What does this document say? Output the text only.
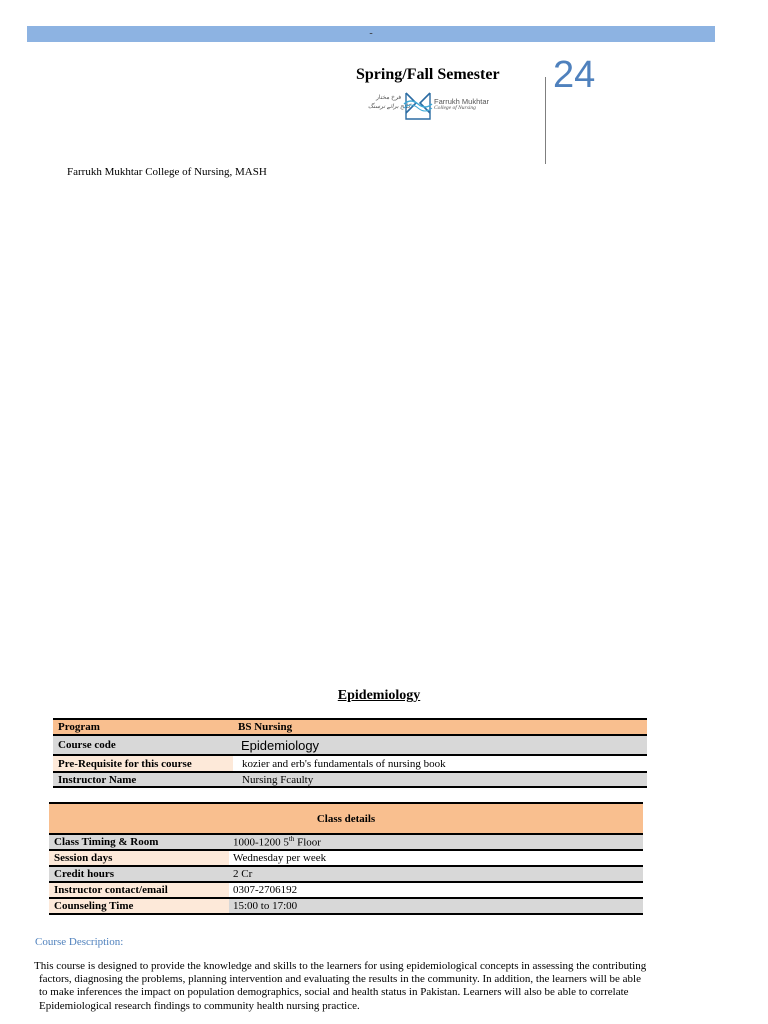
-
Spring/Fall Semester 24
فرخ مختار
کالج برائے نرسنگ
Farrukh Mukhtar
College of Nursing
Farrukh Mukhtar College of Nursing, MASH
Epidemiology
Program	BS Nursing
Course code	Epidemiology
Pre-Requisite for this course	kozier and erb's fundamentals of nursing book
Instructor Name	Nursing Fcaulty
Class details	
Class Timing & Room	1000-1200 5th Floor
Session days	Wednesday per week
Credit hours	2 Cr
Instructor contact/email	0307-2706192
Counseling Time	15:00 to 17:00
Course Description:
This course is designed to provide the knowledge and skills to the learners for using epidemiological concepts in assessing the contributing
factors, diagnosing the problems, planning intervention and evaluating the results in the community. In addition, the learners will be able
to make inferences the impact on population demographics, social and health status in Pakistan. Learners will also be able to correlate
Epidemiological research findings to community health nursing practice.
